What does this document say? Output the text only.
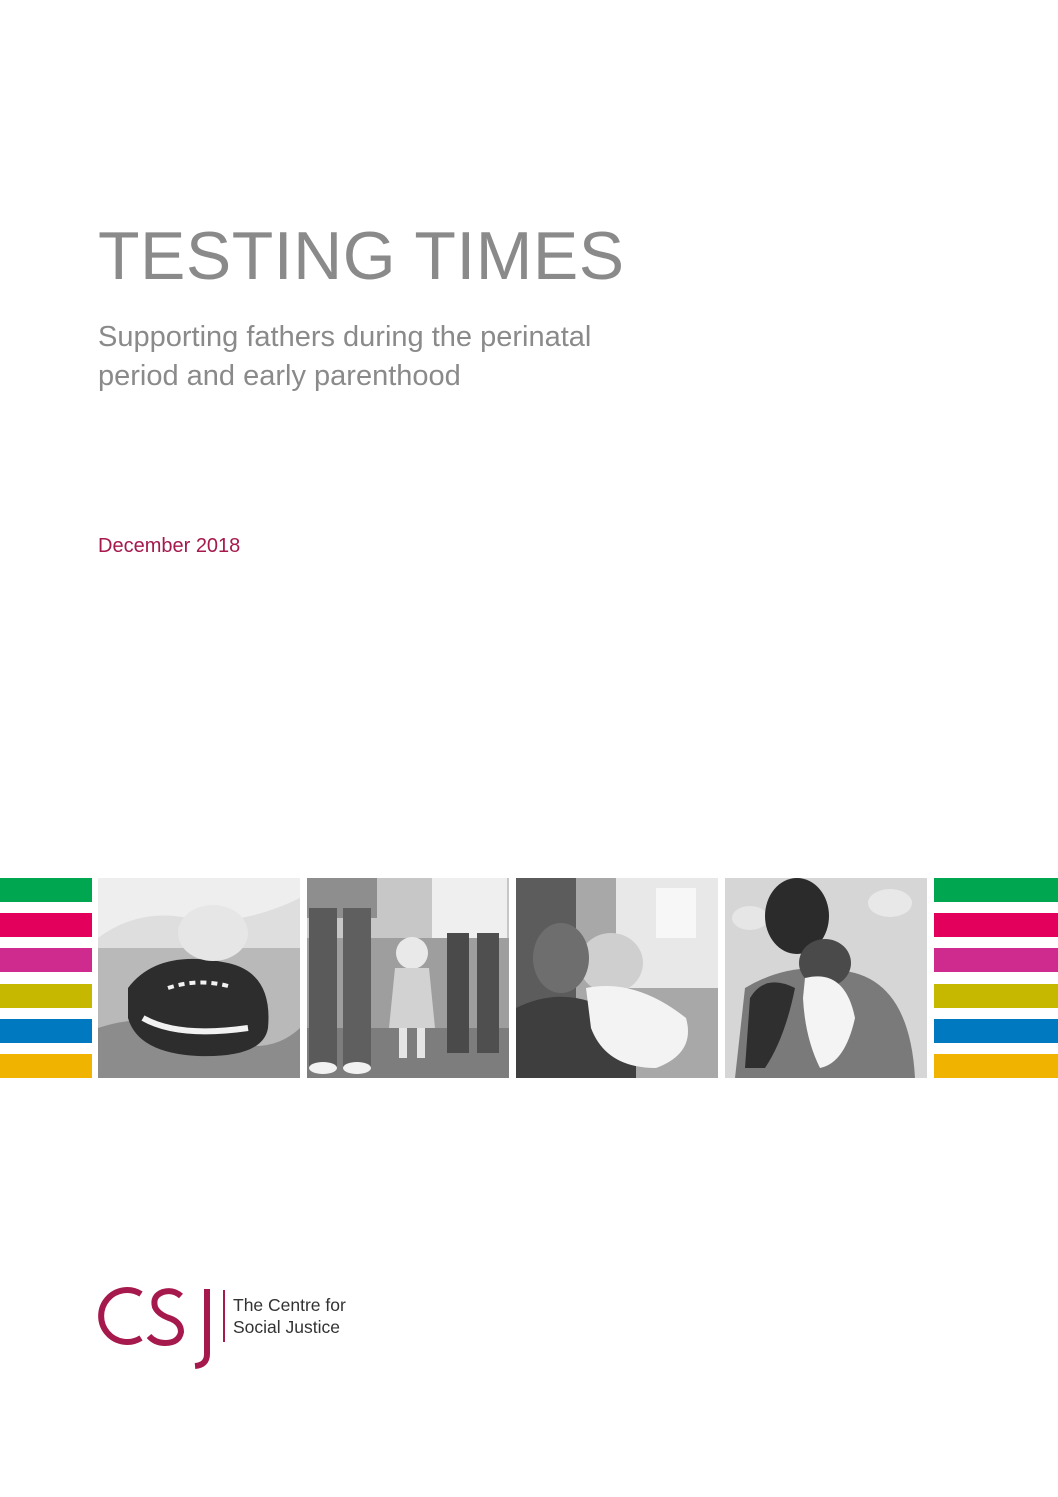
TESTING TIMES
Supporting fathers during the perinatal
period and early parenthood
December 2018
The Centre for
Social Justice
